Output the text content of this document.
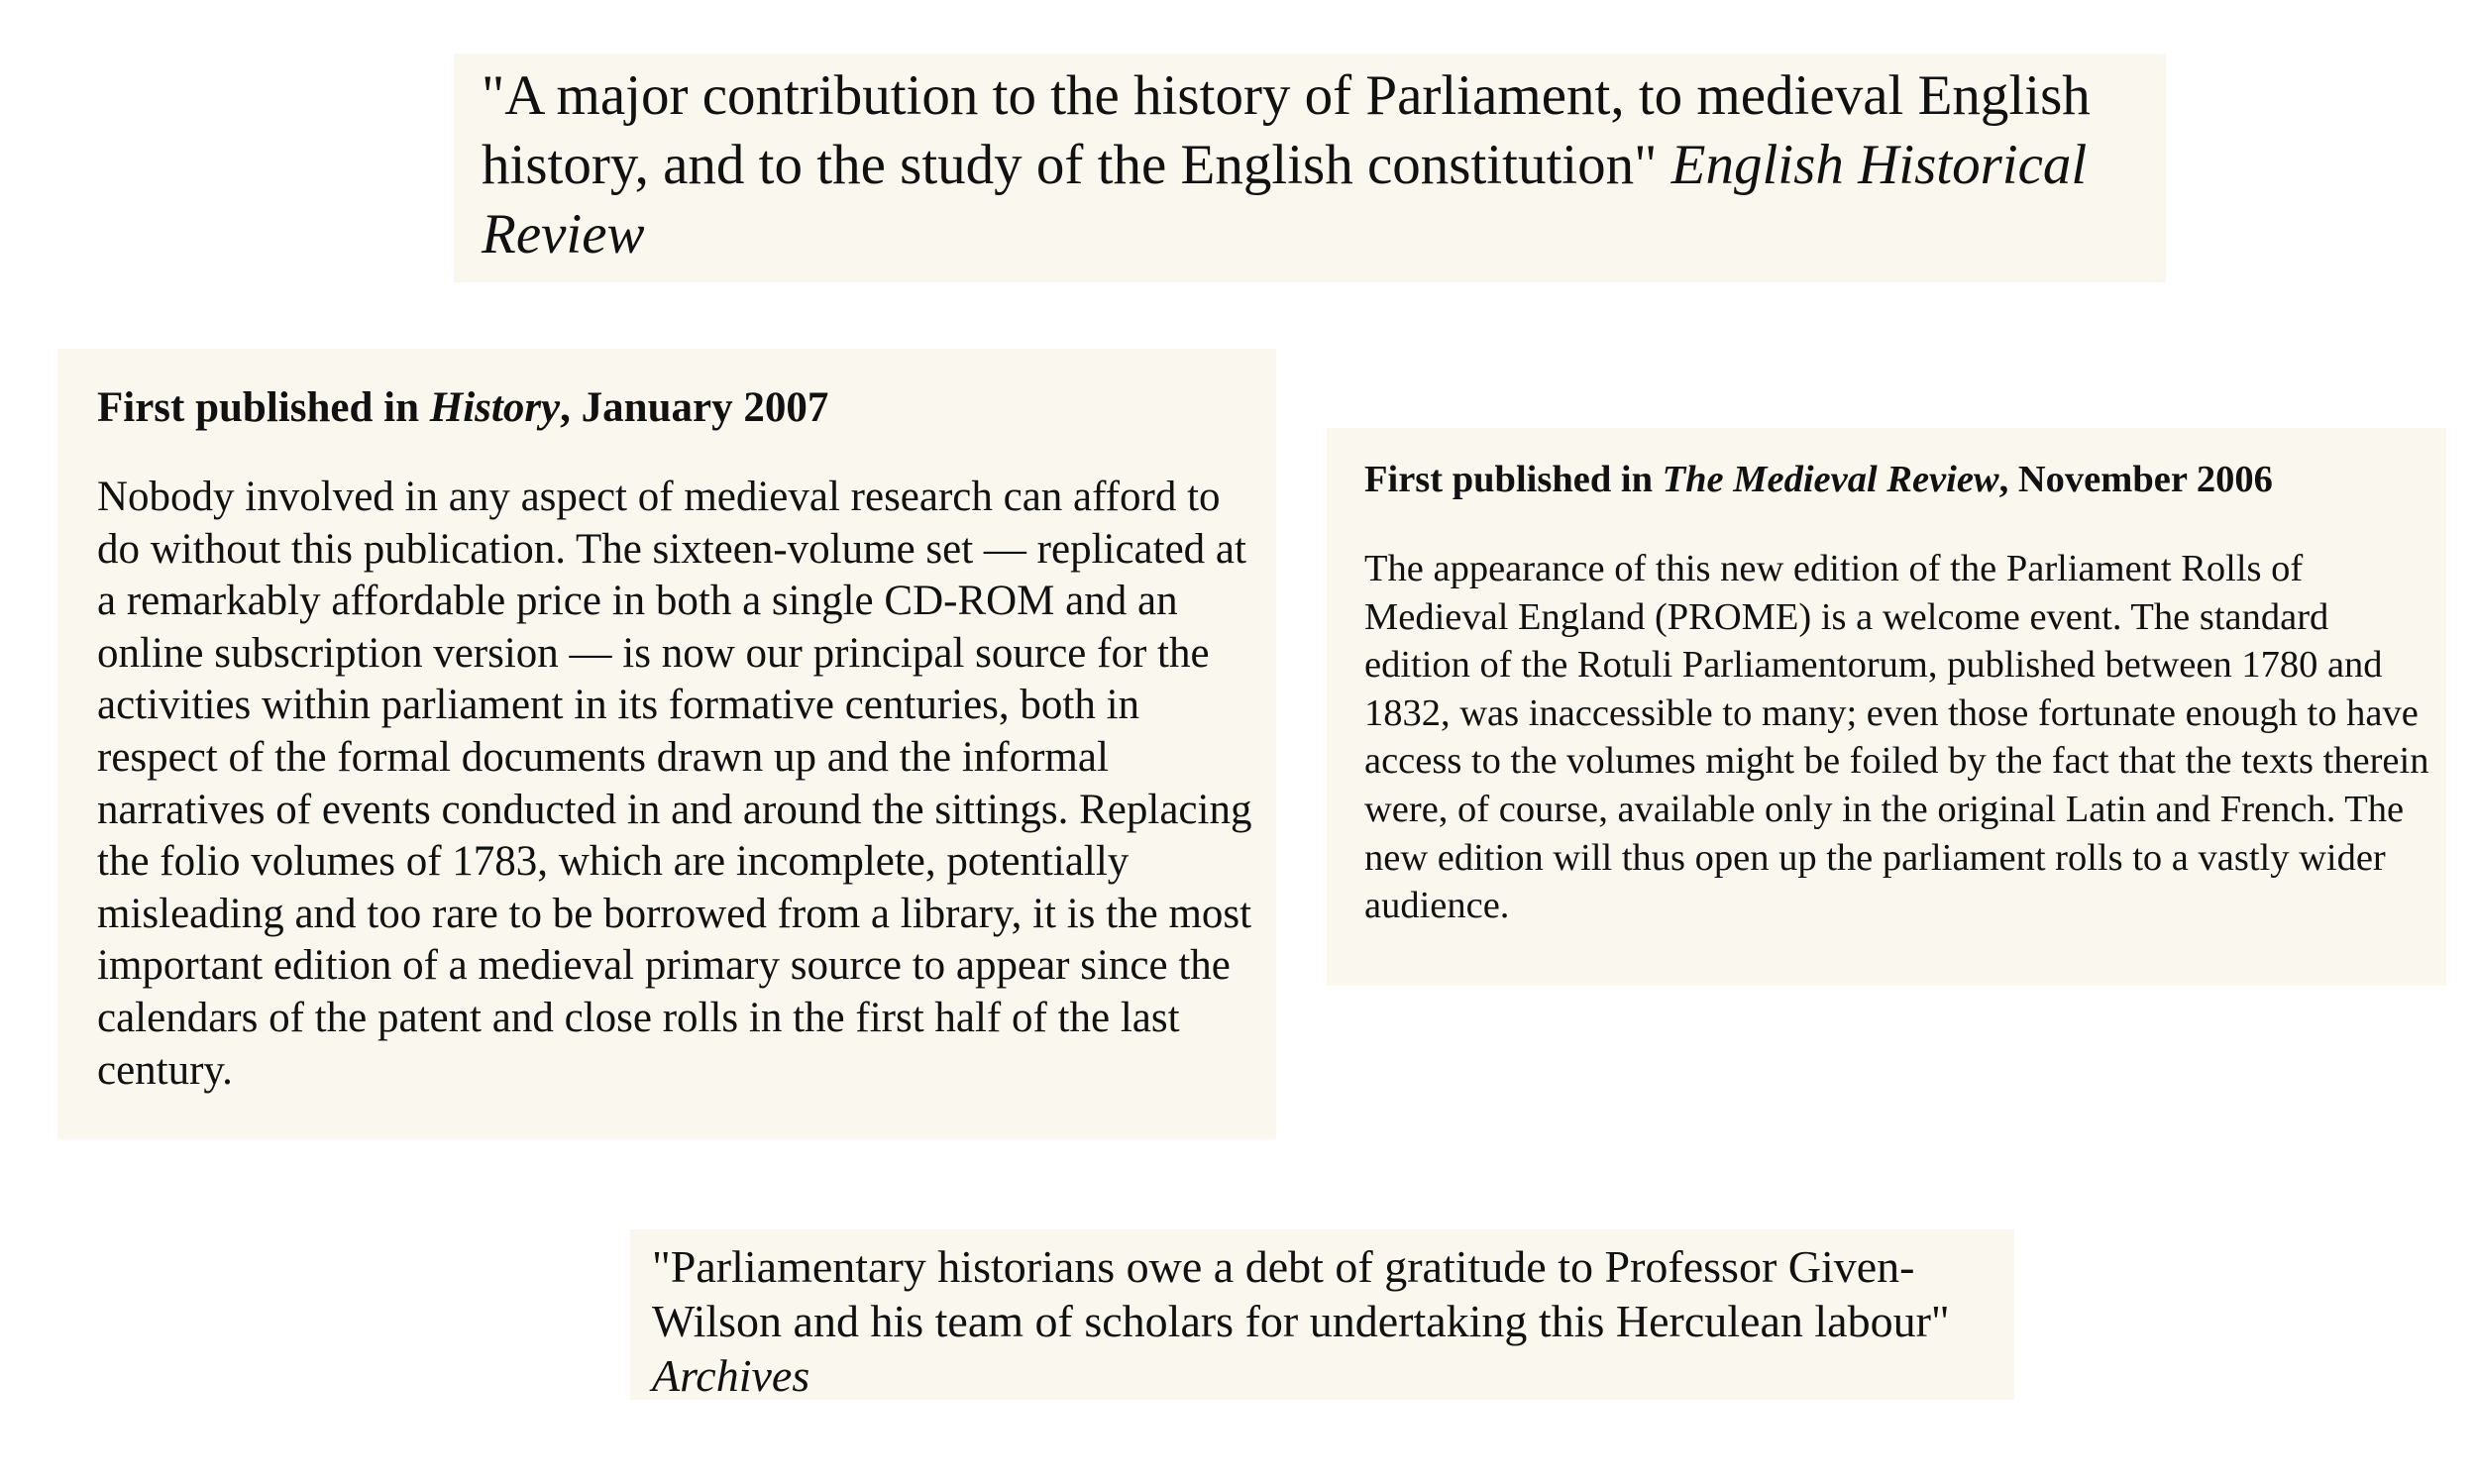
"A major contribution to the history of Parliament, to medieval English history, and to the study of the English constitution" English Historical Review

First published in History, January 2007

Nobody involved in any aspect of medieval research can afford to do without this publication. The sixteen-volume set — replicated at a remarkably affordable price in both a single CD-ROM and an online subscription version — is now our principal source for the activities within parliament in its formative centuries, both in respect of the formal documents drawn up and the informal narratives of events conducted in and around the sittings. Replacing the folio volumes of 1783, which are incomplete, potentially misleading and too rare to be borrowed from a library, it is the most important edition of a medieval primary source to appear since the calendars of the patent and close rolls in the first half of the last century.

First published in The Medieval Review, November 2006

The appearance of this new edition of the Parliament Rolls of Medieval England (PROME) is a welcome event. The standard edition of the Rotuli Parliamentorum, published between 1780 and 1832, was inaccessible to many; even those fortunate enough to have access to the volumes might be foiled by the fact that the texts therein were, of course, available only in the original Latin and French. The new edition will thus open up the parliament rolls to a vastly wider audience.

"Parliamentary historians owe a debt of gratitude to Professor Given-Wilson and his team of scholars for undertaking this Herculean labour" Archives
